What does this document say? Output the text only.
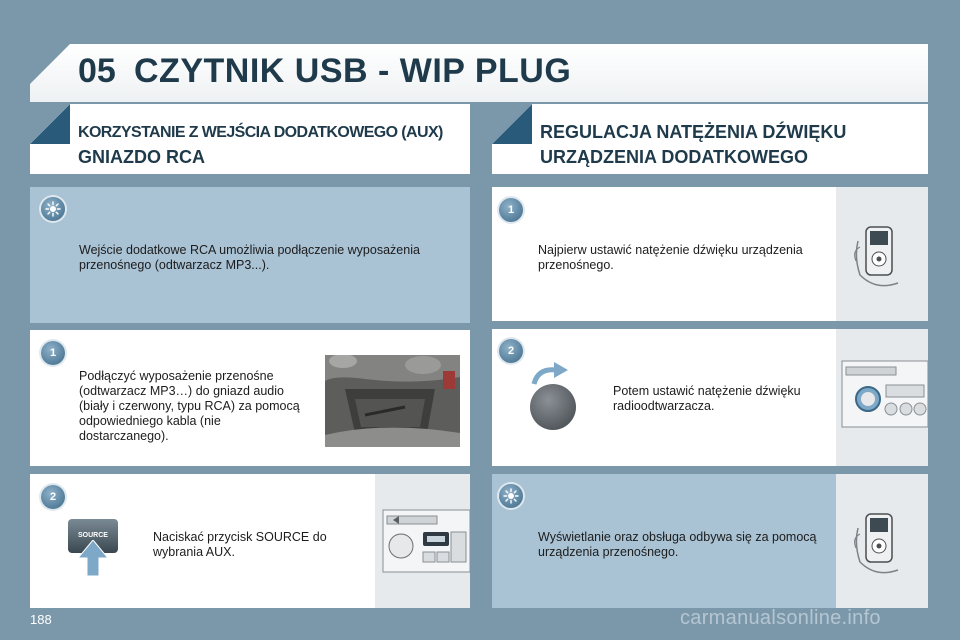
05 CZYTNIK USB - WIP PLUG
KORZYSTANIE Z WEJŚCIA DODATKOWEGO (AUX)
GNIAZDO RCA
REGULACJA NATĘŻENIA DŹWIĘKU
URZĄDZENIA DODATKOWEGO
Wejście dodatkowe RCA umożliwia podłączenie wyposażenia przenośnego (odtwarzacz MP3...).
1
Podłączyć wyposażenie przenośne (odtwarzacz MP3…) do gniazd audio (biały i czerwony, typu RCA) za pomocą odpowiedniego kabla (nie dostarczanego).
2
SOURCE	Naciskać przycisk SOURCE do wybrania AUX.
1
Najpierw ustawić natężenie dźwięku urządzenia przenośnego.
2
Potem ustawić natężenie dźwięku radioodtwarzacza.
Wyświetlanie oraz obsługa odbywa się za pomocą urządzenia przenośnego.
188	carmanualsonline.info
